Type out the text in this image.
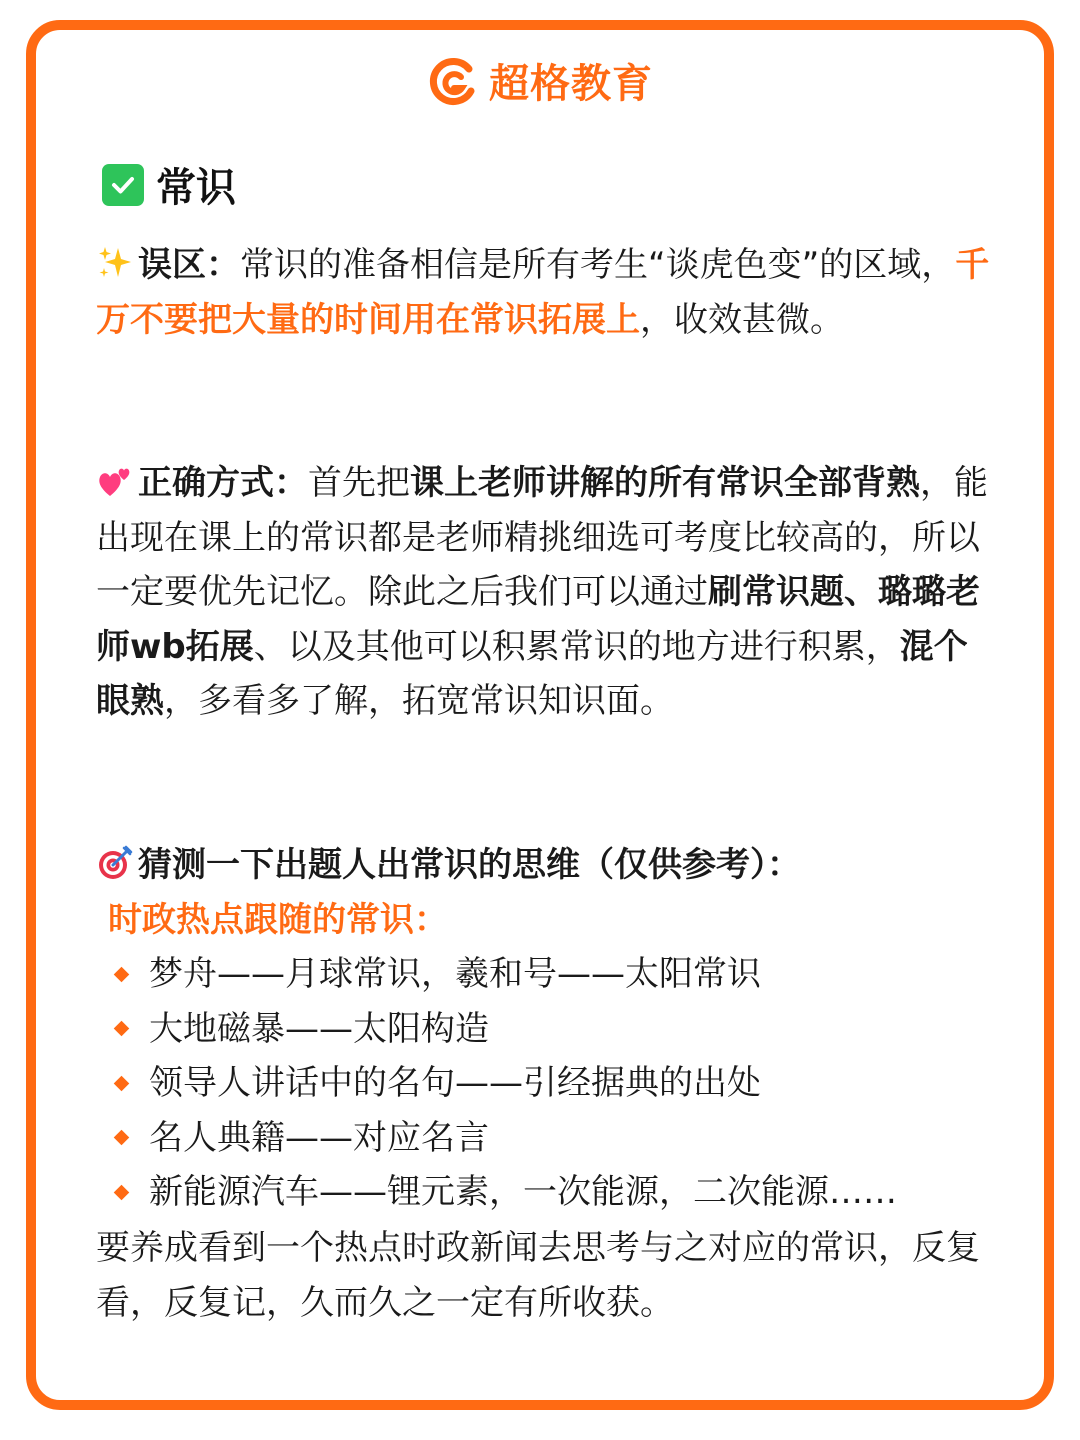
超格教育
常识
误区：常识的准备相信是所有考生“谈虎色变”的区域，千万不要把大量的时间用在常识拓展上，收效甚微。
正确方式：首先把课上老师讲解的所有常识全部背熟，能出现在课上的常识都是老师精挑细选可考度比较高的，所以一定要优先记忆。除此之后我们可以通过刷常识题、璐璐老师wb拓展、以及其他可以积累常识的地方进行积累，混个眼熟，多看多了解，拓宽常识知识面。
猜测一下出题人出常识的思维（仅供参考）：
时政热点跟随的常识：
梦舟——月球常识，羲和号——太阳常识
大地磁暴——太阳构造
领导人讲话中的名句——引经据典的出处
名人典籍——对应名言
新能源汽车——锂元素，一次能源，二次能源……
要养成看到一个热点时政新闻去思考与之对应的常识，反复看，反复记，久而久之一定有所收获。
